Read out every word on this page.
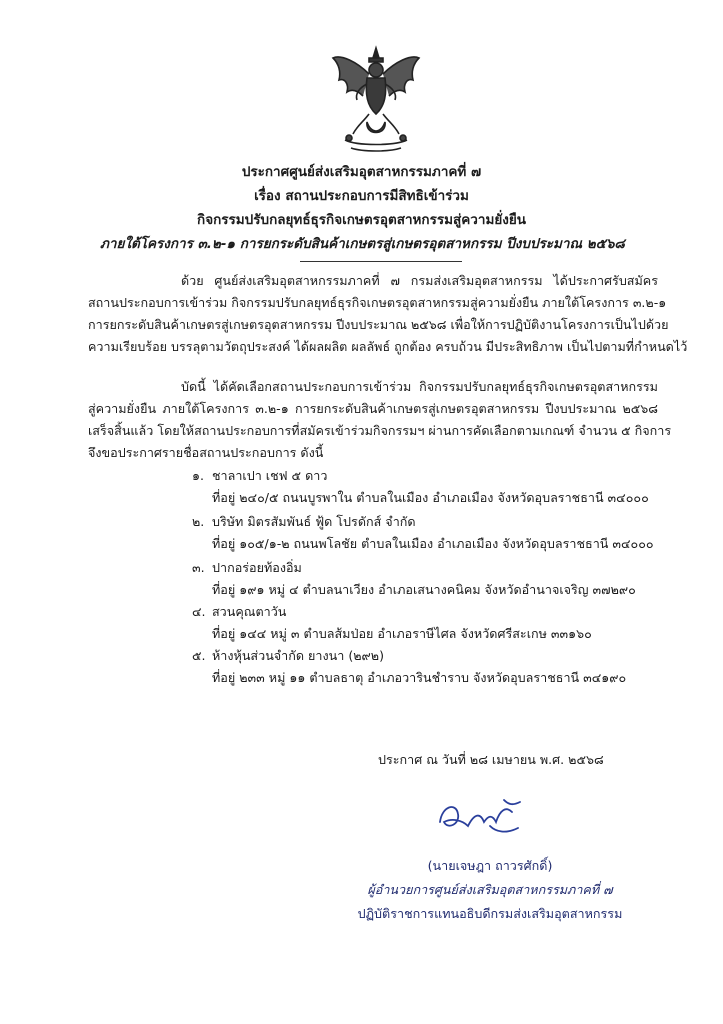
ประกาศศูนย์ส่งเสริมอุตสาหกรรมภาคที่ ๗
เรื่อง สถานประกอบการมีสิทธิเข้าร่วม
กิจกรรมปรับกลยุทธ์ธุรกิจเกษตรอุตสาหกรรมสู่ความยั่งยืน
ภายใต้โครงการ ๓.๒-๑ การยกระดับสินค้าเกษตรสู่เกษตรอุตสาหกรรม ปีงบประมาณ ๒๕๖๘
ด้วย ศูนย์ส่งเสริมอุตสาหกรรมภาคที่ ๗ กรมส่งเสริมอุตสาหกรรม ได้ประกาศรับสมัคร
สถานประกอบการเข้าร่วม กิจกรรมปรับกลยุทธ์ธุรกิจเกษตรอุตสาหกรรมสู่ความยั่งยืน ภายใต้โครงการ ๓.๒-๑
การยกระดับสินค้าเกษตรสู่เกษตรอุตสาหกรรม ปีงบประมาณ ๒๕๖๘ เพื่อให้การปฏิบัติงานโครงการเป็นไปด้วย
ความเรียบร้อย บรรลุตามวัตถุประสงค์ ได้ผลผลิต ผลลัพธ์ ถูกต้อง ครบถ้วน มีประสิทธิภาพ เป็นไปตามที่กำหนดไว้
บัดนี้ ได้คัดเลือกสถานประกอบการเข้าร่วม กิจกรรมปรับกลยุทธ์ธุรกิจเกษตรอุตสาหกรรม
สู่ความยั่งยืน ภายใต้โครงการ ๓.๒-๑ การยกระดับสินค้าเกษตรสู่เกษตรอุตสาหกรรม ปีงบประมาณ ๒๕๖๘
เสร็จสิ้นแล้ว โดยให้สถานประกอบการที่สมัครเข้าร่วมกิจกรรมฯ ผ่านการคัดเลือกตามเกณฑ์ จำนวน ๕ กิจการ
จึงขอประกาศรายชื่อสถานประกอบการ ดังนี้
๑. ชาลาเปา เชฟ ๕ ดาว
ที่อยู่ ๒๔๐/๕ ถนนบูรพาใน ตำบลในเมือง อำเภอเมือง จังหวัดอุบลราชธานี ๓๔๐๐๐
๒. บริษัท มิตรสัมพันธ์ ฟู้ด โปรดักส์ จำกัด
ที่อยู่ ๑๐๕/๑-๒ ถนนพโลชัย ตำบลในเมือง อำเภอเมือง จังหวัดอุบลราชธานี ๓๔๐๐๐
๓. ปากอร่อยท้องอิ่ม
ที่อยู่ ๑๙๑ หมู่ ๔ ตำบลนาเวียง อำเภอเสนางคนิคม จังหวัดอำนาจเจริญ ๓๗๒๙๐
๔. สวนคุณตาวัน
ที่อยู่ ๑๔๔ หมู่ ๓ ตำบลส้มป่อย อำเภอราษีไศล จังหวัดศรีสะเกษ ๓๓๑๖๐
๕. ห้างหุ้นส่วนจำกัด ยางนา (๒๙๒)
ที่อยู่ ๒๓๓ หมู่ ๑๑ ตำบลธาตุ อำเภอวารินชำราบ จังหวัดอุบลราชธานี ๓๔๑๙๐
ประกาศ ณ วันที่ ๒๘ เมษายน พ.ศ. ๒๕๖๘
(นายเจษฎา ถาวรศักดิ์)
ผู้อำนวยการศูนย์ส่งเสริมอุตสาหกรรมภาคที่ ๗
ปฏิบัติราชการแทนอธิบดีกรมส่งเสริมอุตสาหกรรม
